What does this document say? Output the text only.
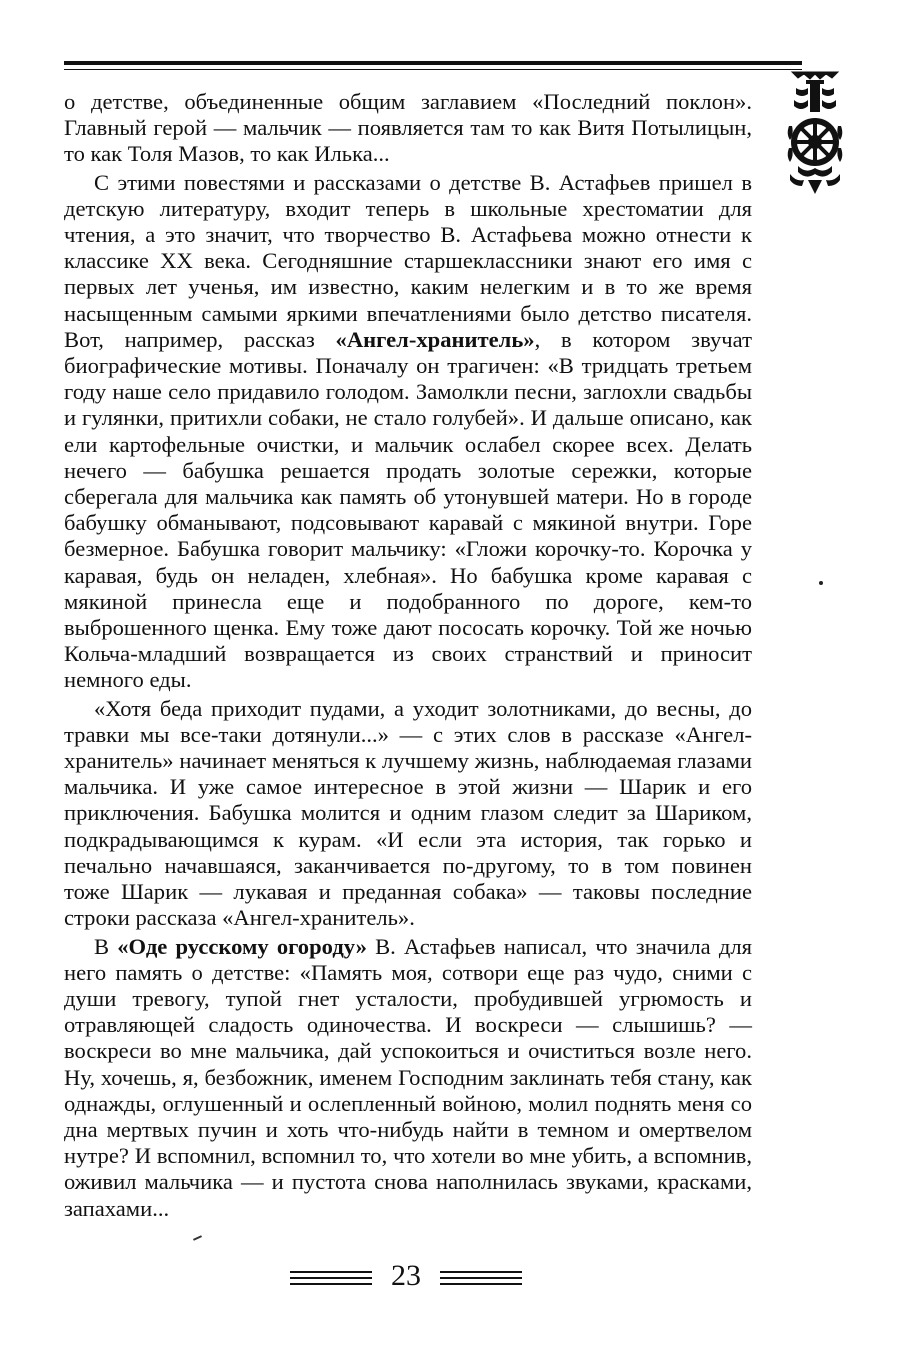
о детстве, объединенные общим заглавием «Последний поклон». Главный герой — мальчик — появляется там то как Витя Потылицын, то как Толя Мазов, то как Илька...

С этими повестями и рассказами о детстве В. Астафьев пришел в детскую литературу, входит теперь в школьные хрестоматии для чтения, а это значит, что творчество В. Астафьева можно отнести к классике XX века. Сегодняшние старшеклассники знают его имя с первых лет ученья, им известно, каким нелегким и в то же время насыщенным самыми яркими впечатлениями было детство писателя. Вот, например, рассказ «Ангел-хранитель», в котором звучат биографические мотивы. Поначалу он трагичен: «В тридцать третьем году наше село придавило голодом. Замолкли песни, заглохли свадьбы и гулянки, притихли собаки, не стало голубей». И дальше описано, как ели картофельные очистки, и мальчик ослабел скорее всех. Делать нечего — бабушка решается продать золотые сережки, которые сберегала для мальчика как память об утонувшей матери. Но в городе бабушку обманывают, подсовывают каравай с мякиной внутри. Горе безмерное. Бабушка говорит мальчику: «Гложи корочку-то. Корочка у каравая, будь он неладен, хлебная». Но бабушка кроме каравая с мякиной принесла еще и подобранного по дороге, кем-то выброшенного щенка. Ему тоже дают пососать корочку. Той же ночью Кольча-младший возвращается из своих странствий и приносит немного еды.

«Хотя беда приходит пудами, а уходит золотниками, до весны, до травки мы все-таки дотянули...» — с этих слов в рассказе «Ангел-хранитель» начинает меняться к лучшему жизнь, наблюдаемая глазами мальчика. И уже самое интересное в этой жизни — Шарик и его приключения. Бабушка молится и одним глазом следит за Шариком, подкрадывающимся к курам. «И если эта история, так горько и печально начавшаяся, заканчивается по-другому, то в том повинен тоже Шарик — лукавая и преданная собака» — таковы последние строки рассказа «Ангел-хранитель».

В «Оде русскому огороду» В. Астафьев написал, что значила для него память о детстве: «Память моя, сотвори еще раз чудо, сними с души тревогу, тупой гнет усталости, пробудившей угрюмость и отравляющей сладость одиночества. И воскреси — слышишь? — воскреси во мне мальчика, дай успокоиться и очиститься возле него. Ну, хочешь, я, безбожник, именем Господним заклинать тебя стану, как однажды, оглушенный и ослепленный войною, молил поднять меня со дна мертвых пучин и хоть что-нибудь найти в темном и омертвелом нутре? И вспомнил, вспомнил то, что хотели во мне убить, а вспомнив, оживил мальчика — и пустота снова наполнилась звуками, красками, запахами...

23
